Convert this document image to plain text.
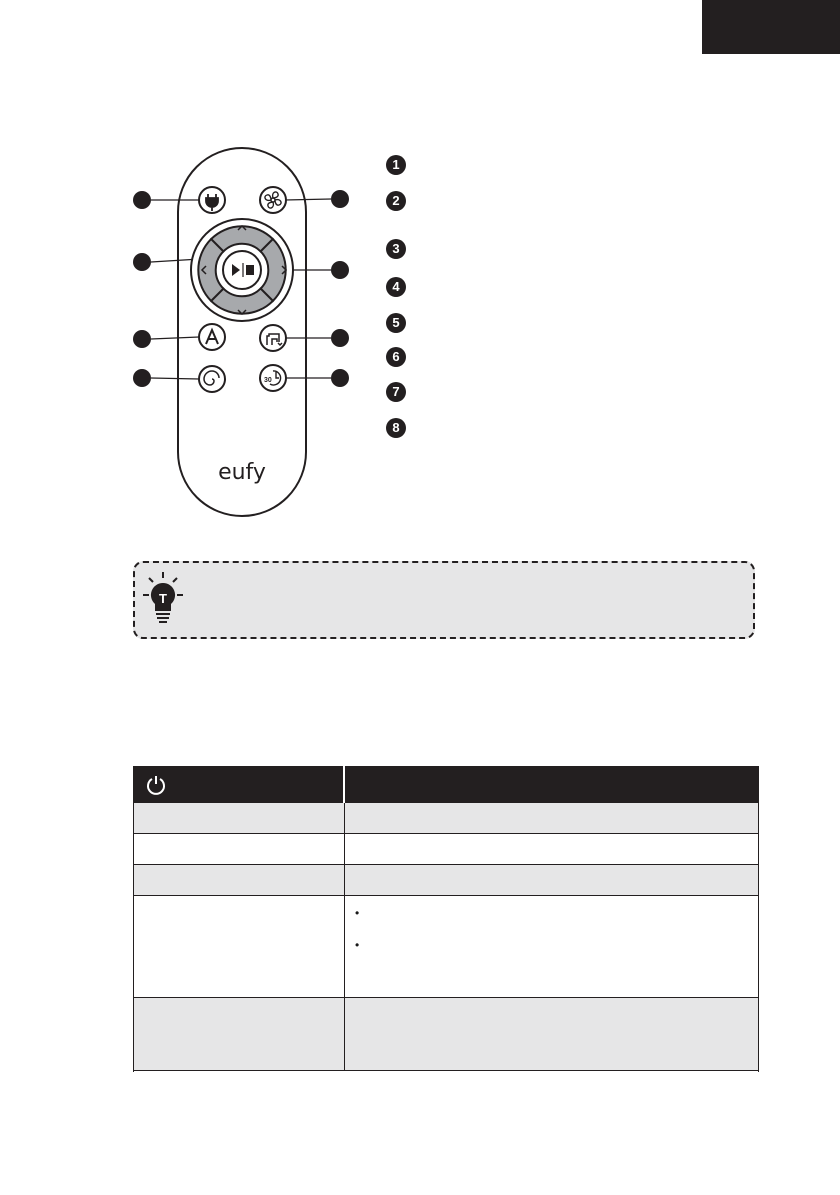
30
eufy
1
2
3
4
5
6
7
8
T
•
•
